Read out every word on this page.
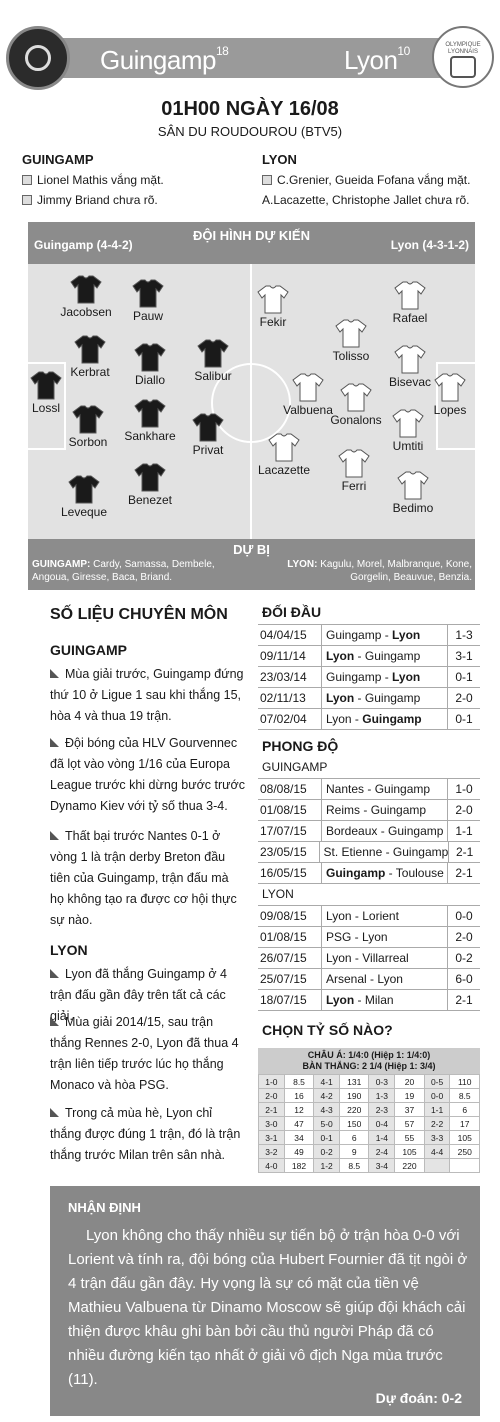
Guingamp$^{18}$	Lyon$^{10}$	OLYMPIQUE LYONNAIS
01H00 NGÀY 16/08
SÂN DU ROUDOUROU (BTV5)
GUINGAMP
Lionel Mathis vắng mặt.
Jimmy Briand chưa rõ.
LYON
C.Grenier, Gueida Fofana vắng mặt.
A.Lacazette, Christophe Jallet chưa rõ.
ĐỘI HÌNH DỰ KIẾN
Guingamp (4-4-2)	Lyon (4-3-1-2)
Jacobsen	Pauw
Kerbrat
Diallo	Salibur
Lossl
Sorbon	Sankhare
Privat
Leveque
Benezet
Fekir	Rafael
Tolisso
Bisevac
Valbuena
Gonalons
Lopes
Umtiti
Lacazette
Ferri
Bedimo
DỰ BỊ
GUINGAMP: Cardy, Samassa, Dembele, Angoua, Giresse, Baca, Briand.
LYON: Kagulu, Morel, Malbranque, Kone, Gorgelin, Beauvue, Benzia.
SỐ LIỆU CHUYÊN MÔN
GUINGAMP
Mùa giải trước, Guingamp đứng thứ 10 ở Ligue 1 sau khi thắng 15, hòa 4 và thua 19 trận.
Đội bóng của HLV Gourvennec đã lọt vào vòng 1/16 của Europa League trước khi dừng bước trước Dynamo Kiev với tỷ số thua 3-4.
Thất bại trước Nantes 0-1 ở vòng 1 là trận derby Breton đầu tiên của Guingamp, trận đấu mà họ không tạo ra được cơ hội thực sự nào.
LYON
Lyon đã thắng Guingamp ở 4 trận đấu gần đây trên tất cả các giải.
Mùa giải 2014/15, sau trận thắng Rennes 2-0, Lyon đã thua 4 trận liên tiếp trước lúc họ thắng Monaco và hòa PSG.
Trong cả mùa hè, Lyon chỉ thắng được đúng 1 trận, đó là trận thắng trước Milan trên sân nhà.
ĐỐI ĐẦU
04/04/15	Guingamp - Lyon	1-3
09/11/14	Lyon - Guingamp	3-1
23/03/14	Guingamp - Lyon	0-1
02/11/13	Lyon - Guingamp	2-0
07/02/04	Lyon - Guingamp	0-1
PHONG ĐỘ
GUINGAMP
08/08/15	Nantes - Guingamp	1-0
01/08/15	Reims - Guingamp	2-0
17/07/15	Bordeaux - Guingamp 1-1
23/05/15	St. Etienne - Guingamp 2-1
16/05/15	Guingamp - Toulouse 2-1
LYON
09/08/15	Lyon - Lorient	0-0
01/08/15	PSG - Lyon	2-0
26/07/15	Lyon - Villarreal	0-2
25/07/15	Arsenal - Lyon	6-0
18/07/15	Lyon - Milan	2-1
CHỌN TỶ SỐ NÀO?
CHÂU Á: 1/4:0 (Hiệp 1: 1/4:0)
BÀN THẮNG: 2 1/4 (Hiệp 1: 3/4)
1-0	8.5	4-1	131	0-3	20	0-5	110
2-0	16	4-2	190	1-3	19	0-0	8.5
2-1	12	4-3	220	2-3	37	1-1	6
3-0	47	5-0	150	0-4	57	2-2	17
3-1	34	0-1	6	1-4	55	3-3	105
3-2	49	0-2	9	2-4	105	4-4	250
4-0	182	1-2	8.5	3-4	220		
NHẬN ĐỊNH
Lyon không cho thấy nhiều sự tiến bộ ở trận hòa 0-0 với Lorient và tính ra, đội bóng của Hubert Fournier đã tịt ngòi ở 4 trận đấu gần đây. Hy vọng là sự có mặt của tiền vệ Mathieu Valbuena từ Dinamo Moscow sẽ giúp đội khách cải thiện được khâu ghi bàn bởi cầu thủ người Pháp đã có nhiều đường kiến tạo nhất ở giải vô địch Nga mùa trước (11).
Dự đoán: 0-2
